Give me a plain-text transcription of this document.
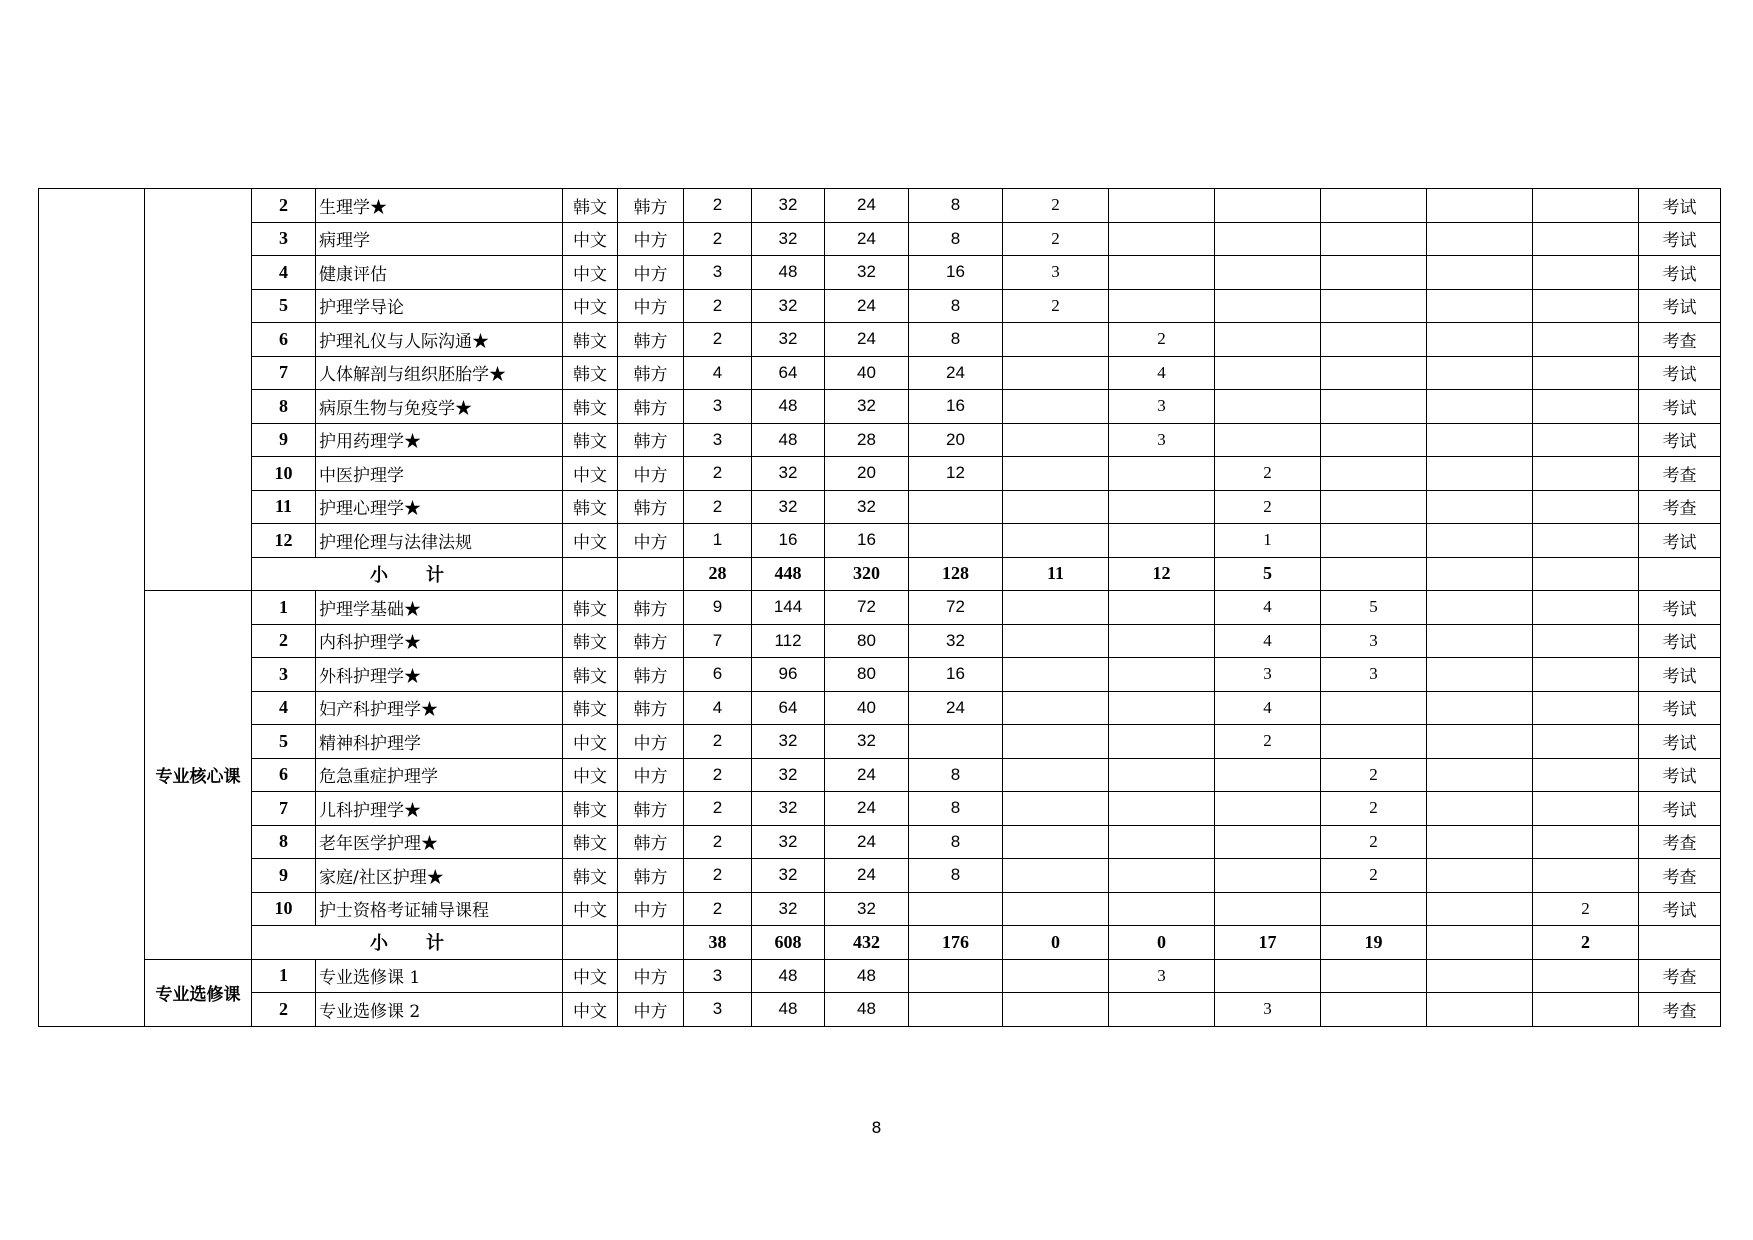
		2	生理学★	韩文	韩方	2	32	24	8	2						考试
		3	病理学	中文	中方	2	32	24	8	2						考试
		4	健康评估	中文	中方	3	48	32	16	3						考试
		5	护理学导论	中文	中方	2	32	24	8	2						考试
		6	护理礼仪与人际沟通★	韩文	韩方	2	32	24	8		2					考查
		7	人体解剖与组织胚胎学★	韩文	韩方	4	64	40	24		4					考试
		8	病原生物与免疫学★	韩文	韩方	3	48	32	16		3					考试
		9	护用药理学★	韩文	韩方	3	48	28	20		3					考试
		10	中医护理学	中文	中方	2	32	20	12			2				考查
		11	护理心理学★	韩文	韩方	2	32	32				2				考查
		12	护理伦理与法律法规	中文	中方	1	16	16				1				考试
		小 计				28	448	320	128	11	12	5				
	专业核心课	1	护理学基础★	韩文	韩方	9	144	72	72			4	5			考试
		2	内科护理学★	韩文	韩方	7	112	80	32			4	3			考试
		3	外科护理学★	韩文	韩方	6	96	80	16			3	3			考试
		4	妇产科护理学★	韩文	韩方	4	64	40	24			4				考试
		5	精神科护理学	中文	中方	2	32	32				2				考试
		6	危急重症护理学	中文	中方	2	32	24	8				2			考试
		7	儿科护理学★	韩文	韩方	2	32	24	8				2			考试
		8	老年医学护理★	韩文	韩方	2	32	24	8				2			考查
		9	家庭/社区护理★	韩文	韩方	2	32	24	8				2			考查
		10	护士资格考证辅导课程	中文	中方	2	32	32							2	考试
		小 计				38	608	432	176	0	0	17	19		2	
	专业选修课	1	专业选修课 1	中文	中方	3	48	48			3					考查
		2	专业选修课 2	中文	中方	3	48	48				3				考查
8
